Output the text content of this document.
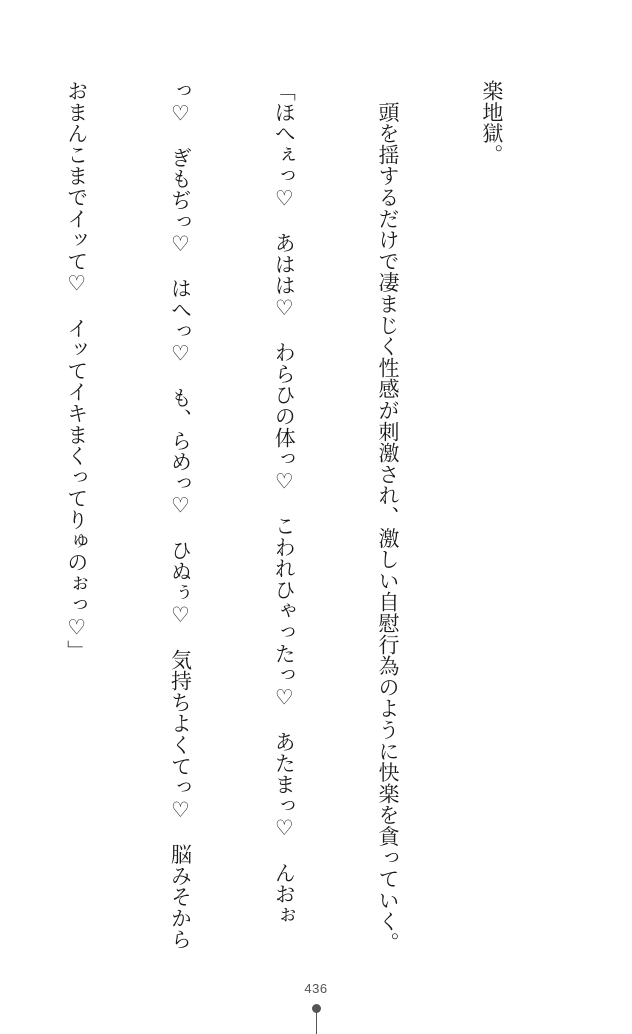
楽地獄。

　頭を揺するだけで凄まじく性感が刺激され、激しい自慰行為のように快楽を貪っていく。

「ほへぇっ♡　あはは♡　わらひの体っ♡　こわれひゃったっ♡　あたまっ♡　んおぉ

っ♡　ぎもぢっ♡　はへっ♡　も、らめっ♡　ひぬぅ♡　気持ちよくてっ♡　脳みそから

おまんこまでイッて♡　イッてイキまくってりゅのぉっ♡」

436
